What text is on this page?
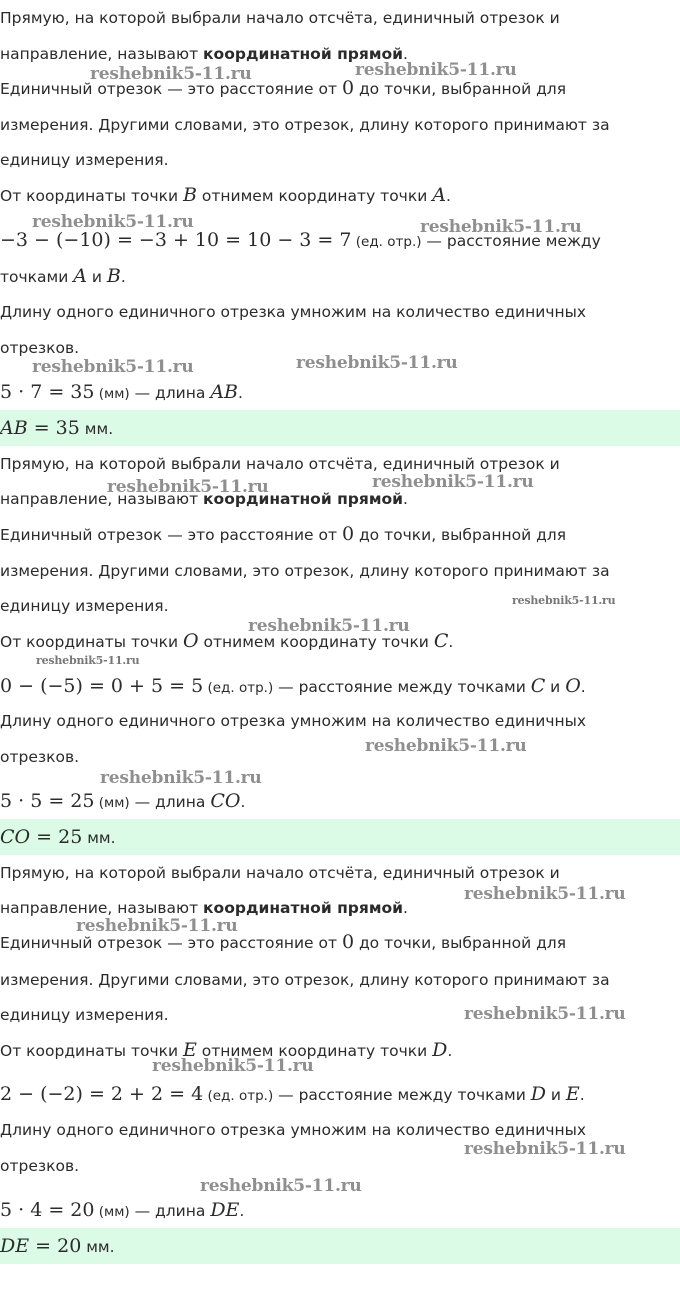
Прямую, на которой выбрали начало отсчёта, единичный отрезок и
направление, называют координатной прямой.
Единичный отрезок — это расстояние от 0 до точки, выбранной для
измерения. Другими словами, это отрезок, длину которого принимают за
единицу измерения.
От координаты точки B отнимем координату точки A.
−3 − (−10) = −3 + 10 = 10 − 3 = 7 (ед. отр.) — расстояние между
точками A и B.
Длину одного единичного отрезка умножим на количество единичных
отрезков.
5 · 7 = 35 (мм) — длина AB.
AB = 35 мм.
Прямую, на которой выбрали начало отсчёта, единичный отрезок и
направление, называют координатной прямой.
Единичный отрезок — это расстояние от 0 до точки, выбранной для
измерения. Другими словами, это отрезок, длину которого принимают за
единицу измерения.
От координаты точки O отнимем координату точки C.
0 − (−5) = 0 + 5 = 5 (ед. отр.) — расстояние между точками C и O.
Длину одного единичного отрезка умножим на количество единичных
отрезков.
5 · 5 = 25 (мм) — длина CO.
CO = 25 мм.
Прямую, на которой выбрали начало отсчёта, единичный отрезок и
направление, называют координатной прямой.
Единичный отрезок — это расстояние от 0 до точки, выбранной для
измерения. Другими словами, это отрезок, длину которого принимают за
единицу измерения.
От координаты точки E отнимем координату точки D.
2 − (−2) = 2 + 2 = 4 (ед. отр.) — расстояние между точками D и E.
Длину одного единичного отрезка умножим на количество единичных
отрезков.
5 · 4 = 20 (мм) — длина DE.
DE = 20 мм.
reshebnik5-11.ru	reshebnik5-11.ru
reshebnik5-11.ru	reshebnik5-11.ru
reshebnik5-11.ru	reshebnik5-11.ru
reshebnik5-11.ru	reshebnik5-11.ru
reshebnik5-11.ru
reshebnik5-11.ru
reshebnik5-11.ru
reshebnik5-11.ru
reshebnik5-11.ru
reshebnik5-11.ru
reshebnik5-11.ru
reshebnik5-11.ru
reshebnik5-11.ru
reshebnik5-11.ru
reshebnik5-11.ru
